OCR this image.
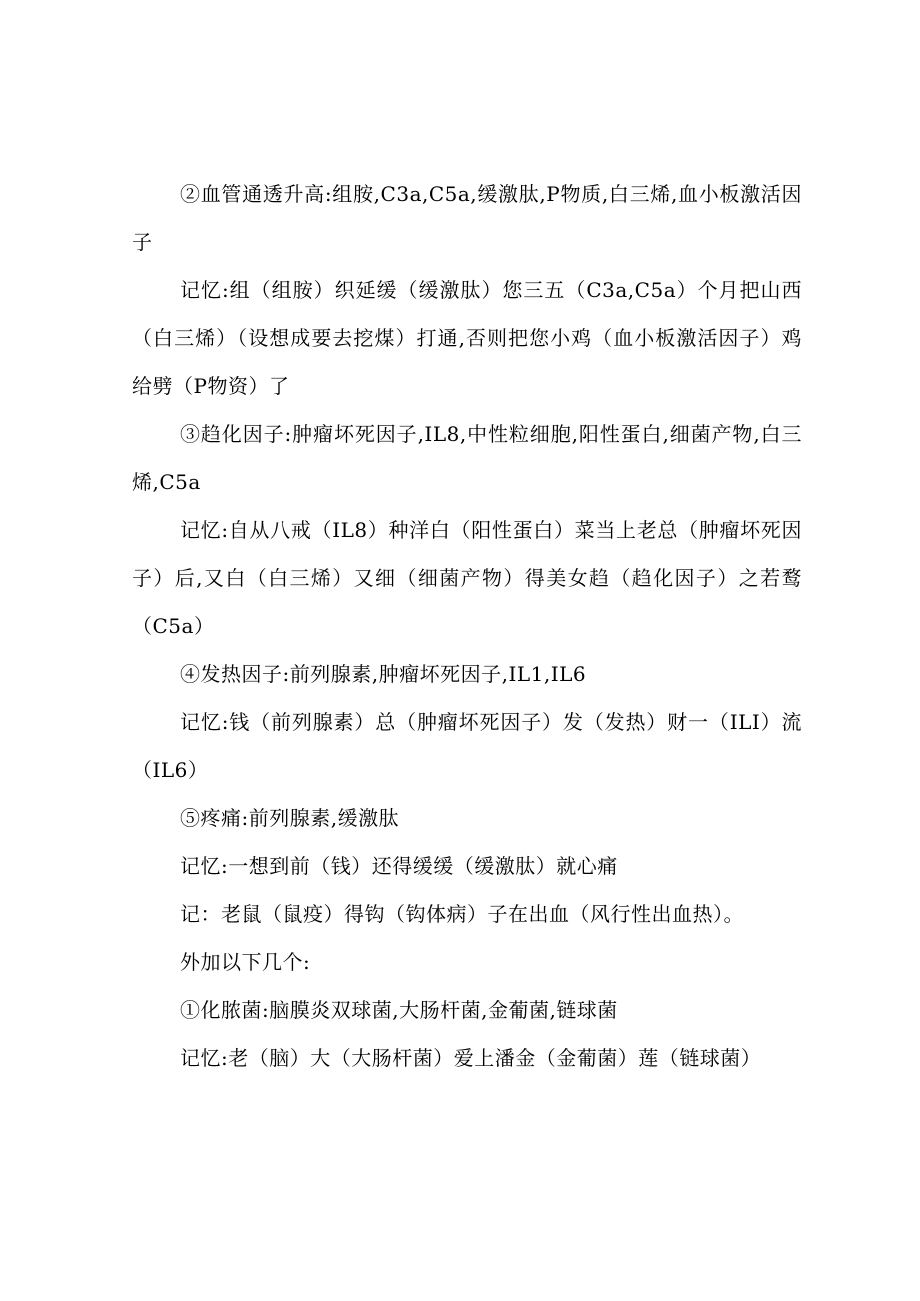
②血管通透升高:组胺,C3a,C5a,缓激肽,P物质,白三烯,血小板激活因子

记忆:组（组胺）织延缓（缓激肽）您三五（C3a,C5a）个月把山西（白三烯）（设想成要去挖煤）打通,否则把您小鸡（血小板激活因子）鸡给劈（P物资）了

③趋化因子:肿瘤坏死因子,IL8,中性粒细胞,阳性蛋白,细菌产物,白三烯,C5a

记忆:自从八戒（IL8）种洋白（阳性蛋白）菜当上老总（肿瘤坏死因子）后,又白（白三烯）又细（细菌产物）得美女趋（趋化因子）之若鹜（C5a）

④发热因子:前列腺素,肿瘤坏死因子,IL1,IL6

记忆:钱（前列腺素）总（肿瘤坏死因子）发（发热）财一（ILI）流（IL6）

⑤疼痛:前列腺素,缓激肽

记忆:一想到前（钱）还得缓缓（缓激肽）就心痛

记：老鼠（鼠疫）得钩（钩体病）子在出血（风行性出血热）。

外加以下几个:

①化脓菌:脑膜炎双球菌,大肠杆菌,金葡菌,链球菌

记忆:老（脑）大（大肠杆菌）爱上潘金（金葡菌）莲（链球菌）
